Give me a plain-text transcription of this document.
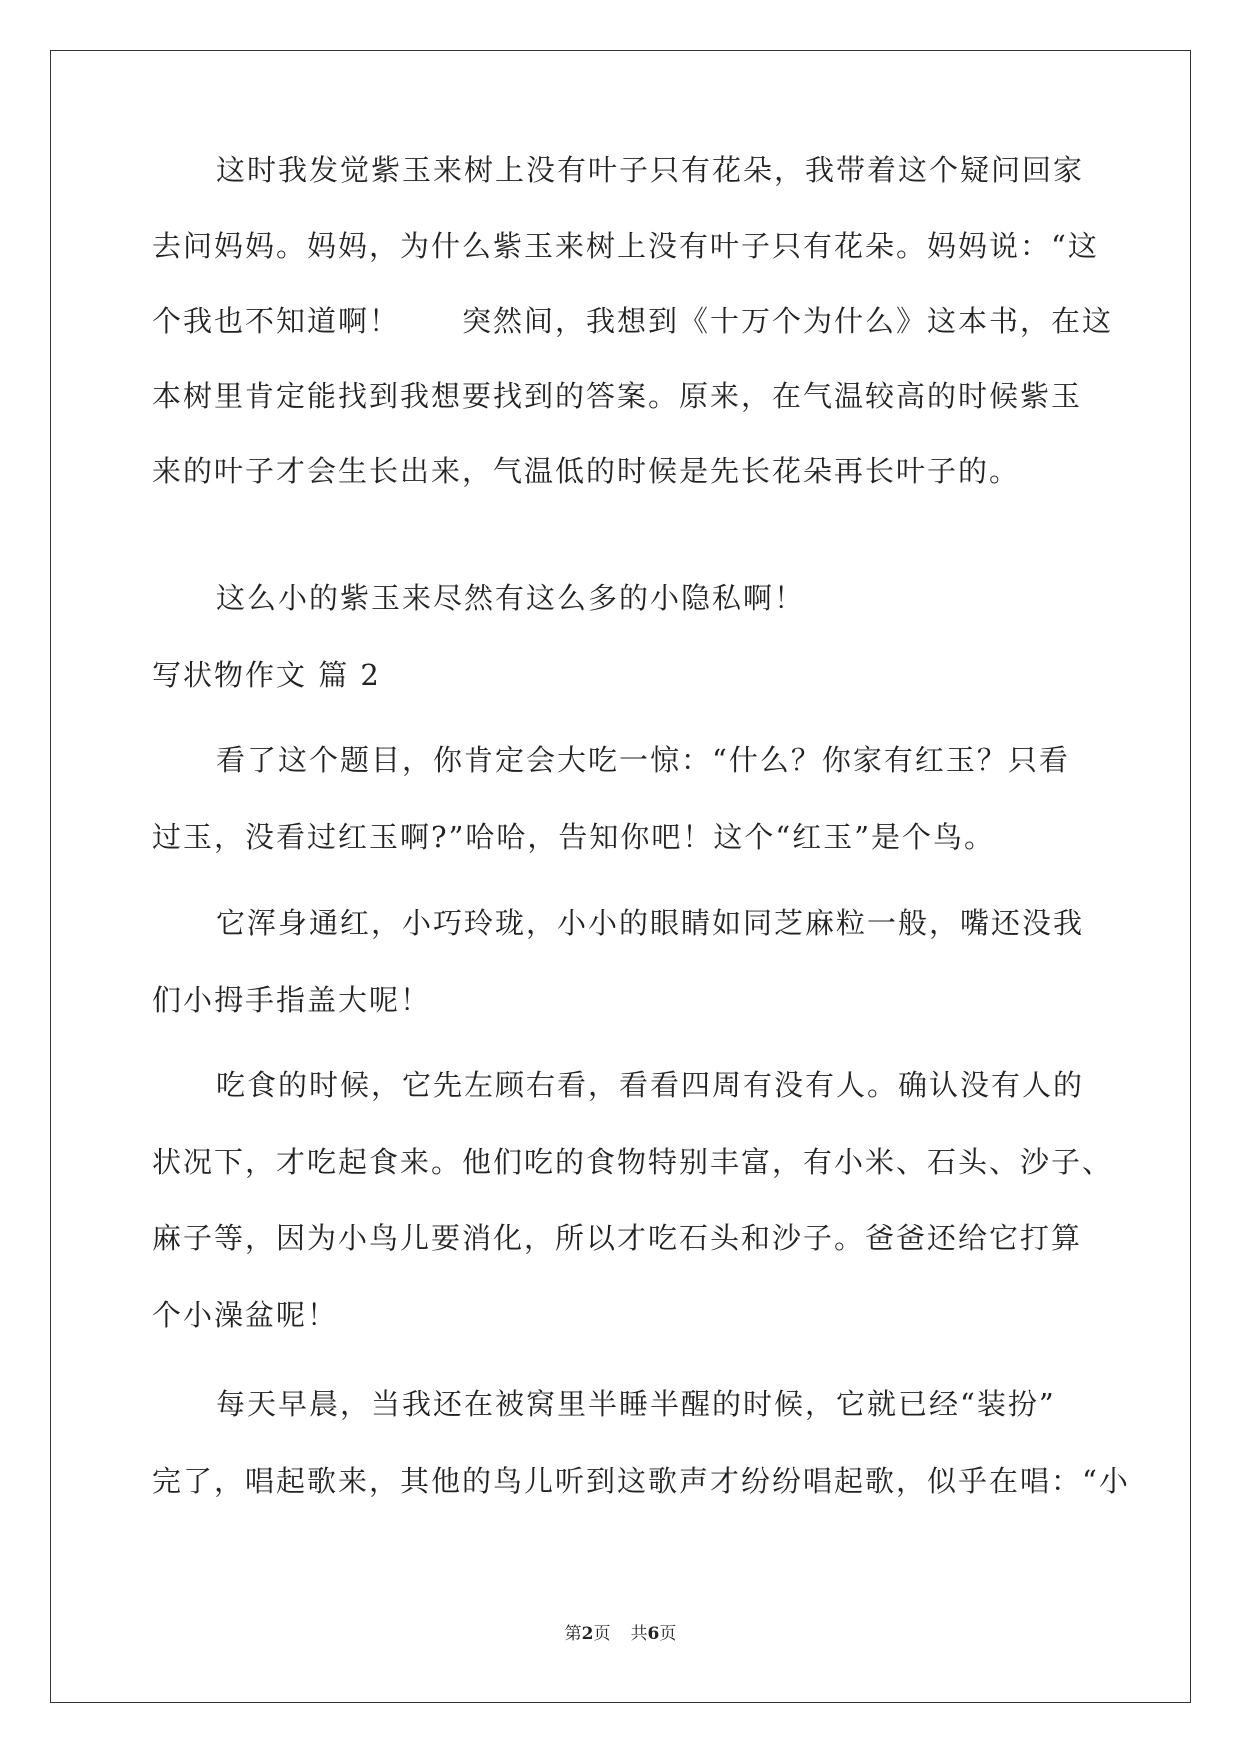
这时我发觉紫玉来树上没有叶子只有花朵，我带着这个疑问回家
去问妈妈。妈妈，为什么紫玉来树上没有叶子只有花朵。妈妈说：“这
个我也不知道啊！　　突然间，我想到《十万个为什么》这本书，在这
本树里肯定能找到我想要找到的答案。原来，在气温较高的时候紫玉
来的叶子才会生长出来，气温低的时候是先长花朵再长叶子的。
这么小的紫玉来尽然有这么多的小隐私啊！
写状物作文 篇 2
看了这个题目，你肯定会大吃一惊：“什么？你家有红玉？只看
过玉，没看过红玉啊?”哈哈，告知你吧！这个“红玉”是个鸟。
它浑身通红，小巧玲珑，小小的眼睛如同芝麻粒一般，嘴还没我
们小拇手指盖大呢！
吃食的时候，它先左顾右看，看看四周有没有人。确认没有人的
状况下，才吃起食来。他们吃的食物特别丰富，有小米、石头、沙子、
麻子等，因为小鸟儿要消化，所以才吃石头和沙子。爸爸还给它打算
个小澡盆呢！
每天早晨，当我还在被窝里半睡半醒的时候，它就已经“装扮”
完了，唱起歌来，其他的鸟儿听到这歌声才纷纷唱起歌，似乎在唱：“小
第2页 共6页
